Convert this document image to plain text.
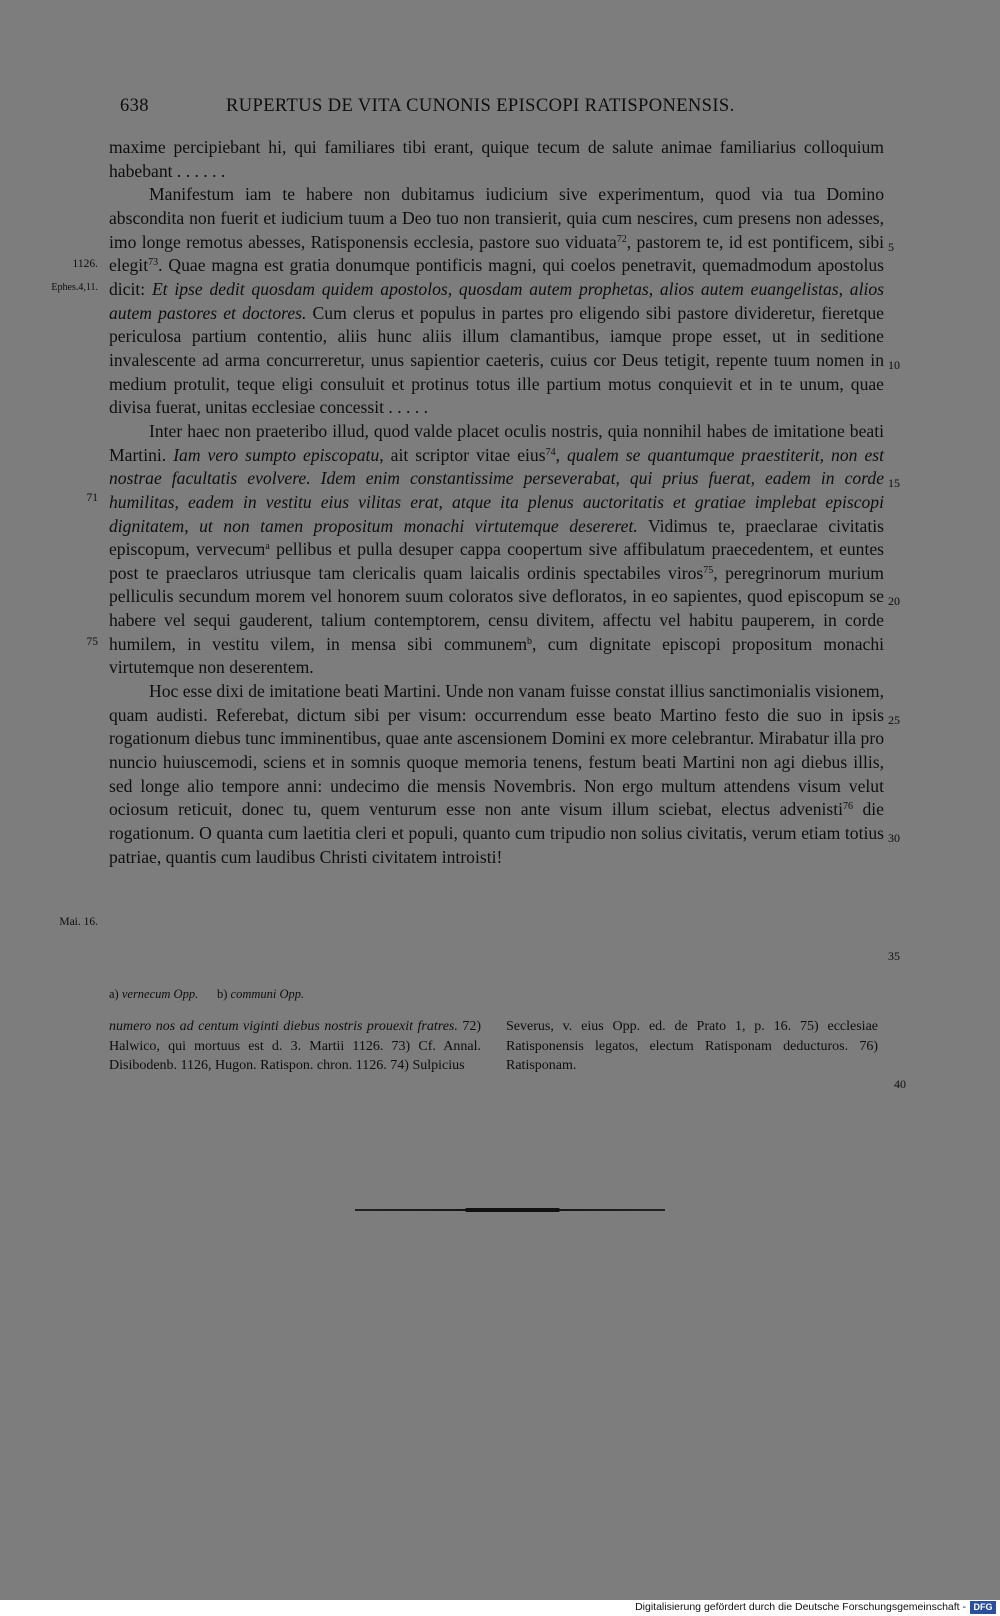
638	RUPERTUS DE VITA CUNONIS EPISCOPI RATISPONENSIS.
1126.
Ephes.4,11.
71
75
Mai. 16.
5
10
15
20
25
30
35

maxime percipiebant hi, qui familiares tibi erant, quique tecum de salute animae familiarius colloquium habebant . . . . . .

Manifestum iam te habere non dubitamus iudicium sive experimentum, quod via tua Domino abscondita non fuerit et iudicium tuum a Deo tuo non transierit, quia cum nescires, cum presens non adesses, imo longe remotus abesses, Ratisponensis ecclesia, pastore suo viduata$^{72}$, pastorem te, id est pontificem, sibi elegit$^{73}$. Quae magna est gratia donumque pontificis magni, qui coelos penetravit, quemadmodum apostolus dicit: Et ipse dedit quosdam quidem apostolos, quosdam autem prophetas, alios autem euangelistas, alios autem pastores et doctores. Cum clerus et populus in partes pro eligendo sibi pastore divideretur, fieretque periculosa partium contentio, aliis hunc aliis illum clamantibus, iamque prope esset, ut in seditione invalescente ad arma concurreretur, unus sapientior caeteris, cuius cor Deus tetigit, repente tuum nomen in medium protulit, teque eligi consuluit et protinus totus ille partium motus conquievit et in te unum, quae divisa fuerat, unitas ecclesiae concessit . . . . .

Inter haec non praeteribo illud, quod valde placet oculis nostris, quia nonnihil habes de imitatione beati Martini. Iam vero sumpto episcopatu, ait scriptor vitae eius$^{74}$, qualem se quantumque praestiterit, non est nostrae facultatis evolvere. Idem enim constantissime perseverabat, qui prius fuerat, eadem in corde humilitas, eadem in vestitu eius vilitas erat, atque ita plenus auctoritatis et gratiae implebat episcopi dignitatem, ut non tamen propositum monachi virtutemque desereret. Vidimus te, praeclarae civitatis episcopum, vervecum$^a$ pellibus et pulla desuper cappa coopertum sive affibulatum praecedentem, et euntes post te praeclaros utriusque tam clericalis quam laicalis ordinis spectabiles viros$^{75}$, peregrinorum murium pelliculis secundum morem vel honorem suum coloratos sive defloratos, in eo sapientes, quod episcopum se habere vel sequi gauderent, talium contemptorem, censu divitem, affectu vel habitu pauperem, in corde humilem, in vestitu vilem, in mensa sibi communem$^b$, cum dignitate episcopi propositum monachi virtutemque non deserentem.

Hoc esse dixi de imitatione beati Martini. Unde non vanam fuisse constat illius sanctimonialis visionem, quam audisti. Referebat, dictum sibi per visum: occurrendum esse beato Martino festo die suo in ipsis rogationum diebus tunc imminentibus, quae ante ascensionem Domini ex more celebrantur. Mirabatur illa pro nuncio huiuscemodi, sciens et in somnis quoque memoria tenens, festum beati Martini non agi diebus illis, sed longe alio tempore anni: undecimo die mensis Novembris. Non ergo multum attendens visum velut ociosum reticuit, donec tu, quem venturum esse non ante visum illum sciebat, electus advenisti$^{76}$ die rogationum. O quanta cum laetitia cleri et populi, quanto cum tripudio non solius civitatis, verum etiam totius patriae, quantis cum laudibus Christi civitatem introisti!

a) vernecum Opp. b) communi Opp.
numero nos ad centum viginti diebus nostris prouexit fratres. 72) Halwico, qui mortuus est d. 3. Martii 1126. 73) Cf. Annal. Disibodenb. 1126, Hugon. Ratispon. chron. 1126. 74) Sulpicius
Severus, v. eius Opp. ed. de Prato 1, p. 16. 75) ecclesiae Ratisponensis legatos, electum Ratisponam deducturos. 76) Ratisponam.
40
Digitalisierung gefördert durch die Deutsche Forschungsgemeinschaft - DFG
